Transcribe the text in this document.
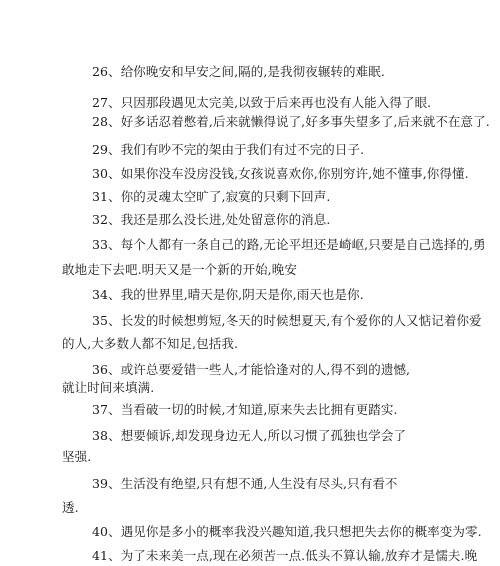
26、给你晚安和早安之间,隔的,是我彻夜辗转的难眠.
27、只因那段遇见太完美,以致于后来再也没有人能入得了眼.
28、好多话忍着憋着,后来就懒得说了,好多事失望多了,后来就不在意了.
29、我们有吵不完的架由于我们有过不完的日子.
30、如果你没车没房没钱,女孩说喜欢你,你别穷许,她不懂事,你得懂.
31、你的灵魂太空旷了,寂寞的只剩下回声.
32、我还是那么没长进,处处留意你的消息.
33、每个人都有一条自己的路,无论平坦还是崎岖,只要是自己选择的,勇
敢地走下去吧.明天又是一个新的开始,晚安
34、我的世界里,晴天是你,阴天是你,雨天也是你.
35、长发的时候想剪短,冬天的时候想夏天,有个爱你的人又惦记着你爱
的人,大多数人都不知足,包括我.
36、或许总要爱错一些人,才能恰逢对的人,得不到的遗憾,
就让时间来填满.
37、当看破一切的时候,才知道,原来失去比拥有更踏实.
38、想要倾诉,却发现身边无人,所以习惯了孤独也学会了
坚强.
39、生活没有绝望,只有想不通,人生没有尽头,只有看不
透.
40、遇见你是多小的概率我没兴趣知道,我只想把失去你的概率变为零.
41、为了未来美一点,现在必须苦一点.低头不算认输,放弃才是懦夫.晚
